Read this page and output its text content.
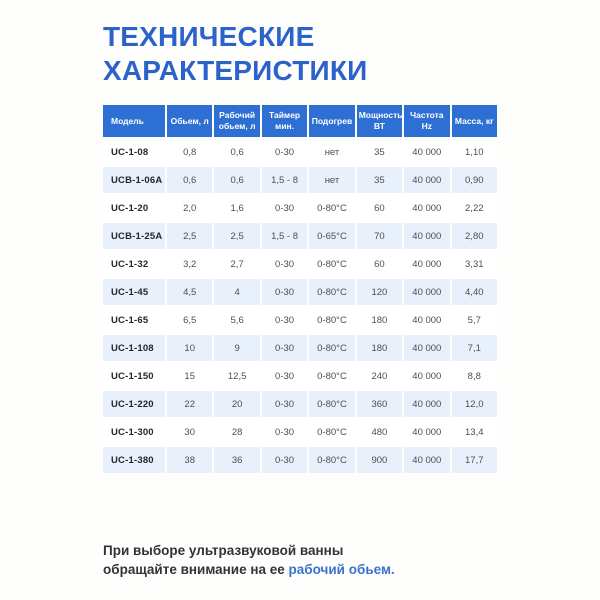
ТЕХНИЧЕСКИЕ
ХАРАКТЕРИСТИКИ
Модель	Обьем, л	Рабочий обьем, л	Таймер мин.	Подогрев	Мощность ВТ	Частота Hz	Масса, кг
UC-1-08	0,8	0,6	0-30	нет	35	40 000	1,10
UCB-1-06A	0,6	0,6	1,5 - 8	нет	35	40 000	0,90
UC-1-20	2,0	1,6	0-30	0-80°C	60	40 000	2,22
UCB-1-25A	2,5	2,5	1,5 - 8	0-65°C	70	40 000	2,80
UC-1-32	3,2	2,7	0-30	0-80°C	60	40 000	3,31
UC-1-45	4,5	4	0-30	0-80°C	120	40 000	4,40
UC-1-65	6,5	5,6	0-30	0-80°C	180	40 000	5,7
UC-1-108	10	9	0-30	0-80°C	180	40 000	7,1
UC-1-150	15	12,5	0-30	0-80°C	240	40 000	8,8
UC-1-220	22	20	0-30	0-80°C	360	40 000	12,0
UC-1-300	30	28	0-30	0-80°C	480	40 000	13,4
UC-1-380	38	36	0-30	0-80°C	900	40 000	17,7
При выборе ультразвуковой ванны
обращайте внимание на ее рабочий обьем.
